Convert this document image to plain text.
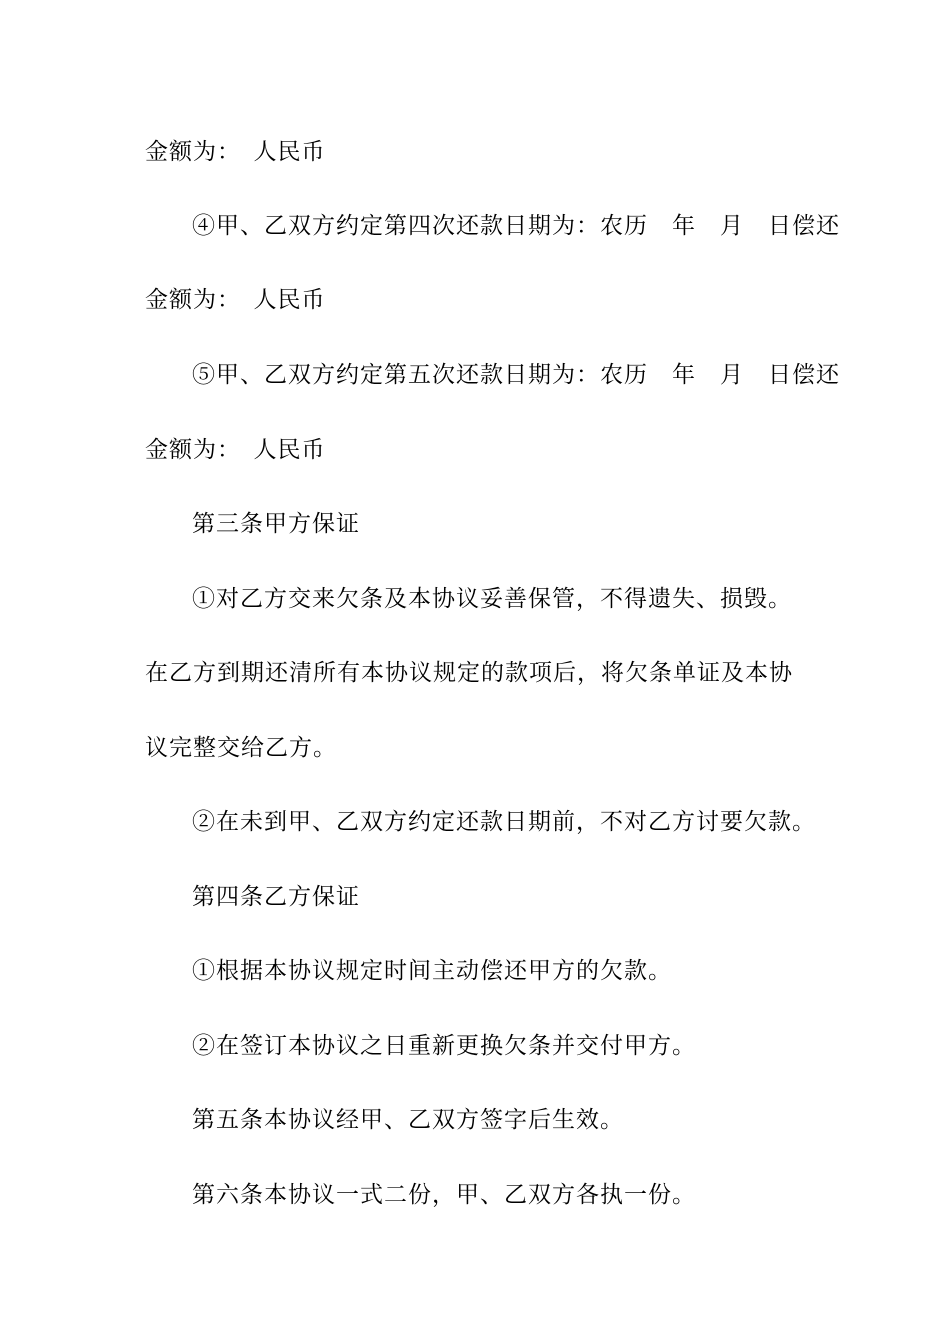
金额为：　人民币
④甲、乙双方约定第四次还款日期为：农历　年　月　日偿还
金额为：　人民币
⑤甲、乙双方约定第五次还款日期为：农历　年　月　日偿还
金额为：　人民币
第三条甲方保证
①对乙方交来欠条及本协议妥善保管，不得遗失、损毁。
在乙方到期还清所有本协议规定的款项后，将欠条单证及本协
议完整交给乙方。
②在未到甲、乙双方约定还款日期前，不对乙方讨要欠款。
第四条乙方保证
①根据本协议规定时间主动偿还甲方的欠款。
②在签订本协议之日重新更换欠条并交付甲方。
第五条本协议经甲、乙双方签字后生效。
第六条本协议一式二份，甲、乙双方各执一份。
